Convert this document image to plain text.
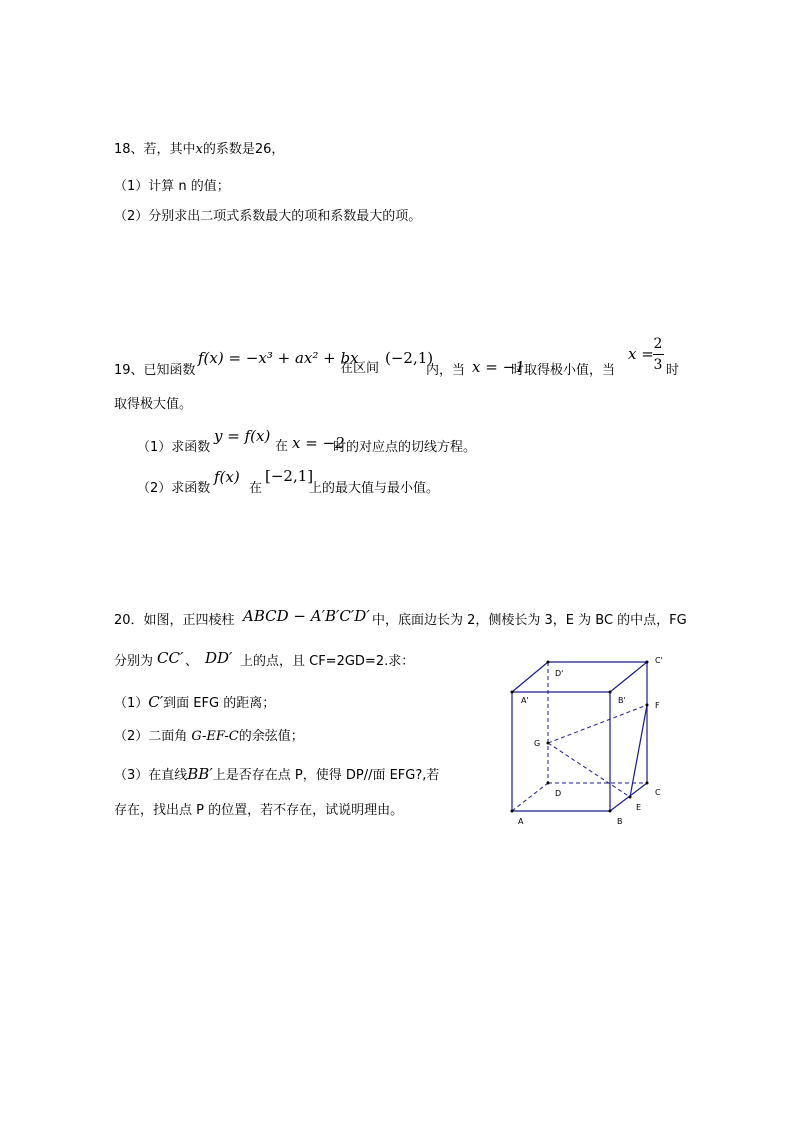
18、若，其中x的系数是26，
（1）计算 n 的值；
（2）分别求出二项式系数最大的项和系数最大的项。
19、已知函数
f(x) = −x³ + ax² + bx
在区间
(−2,1)
内，当 x = −1
时取得极小值，当
x =
2
3 时
取得极大值。
（1）求函数
y = f(x)
在 x = −2
时的对应点的切线方程。
（2）求函数
f(x)
在
[−2,1]
上的最大值与最小值。
20．如图，正四棱柱 ABCD − A′B′C′D′ 中，底面边长为 2，侧棱长为 3，E 为 BC 的中点，FG
分别为 CC′ 、 DD′ 上的点，且 CF=2GD=2.求：
（1）C′到面 EFG 的距离；
（2）二面角 G-EF-C的余弦值；
（3）在直线BB′上是否存在点 P，使得 DP//面 EFG?,若
存在，找出点 P 的位置，若不存在，试说明理由。
A	B
C
D
A'	B'
C'
D'
E
F
G
